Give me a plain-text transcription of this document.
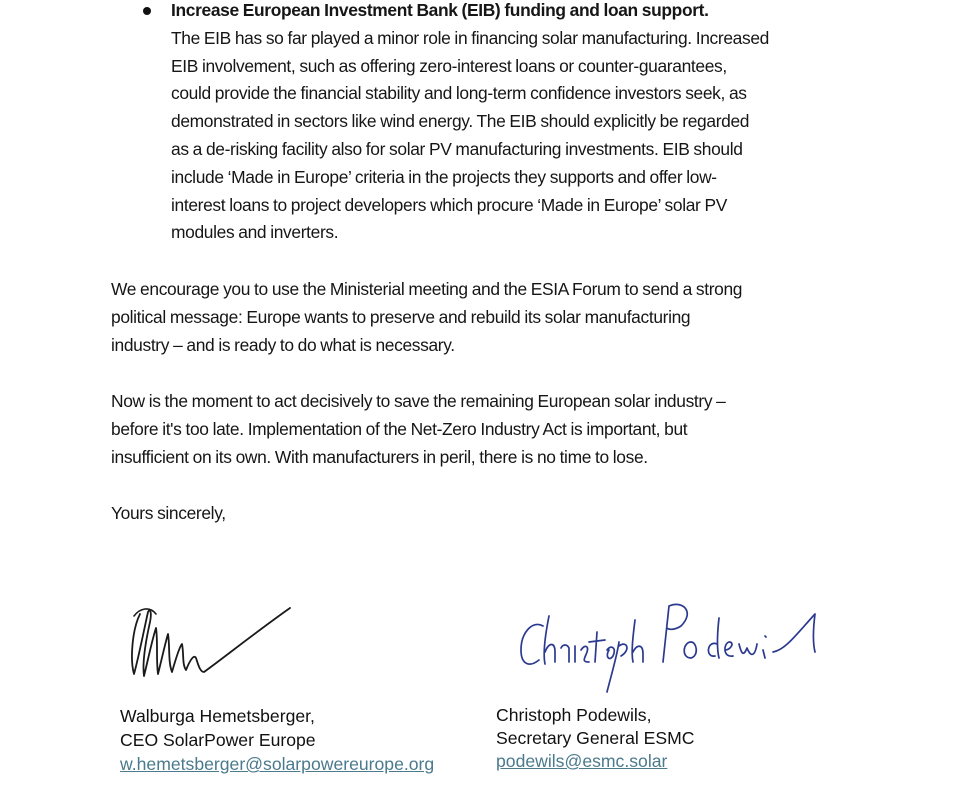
Increase European Investment Bank (EIB) funding and loan support.
The EIB has so far played a minor role in financing solar manufacturing. Increased
EIB involvement, such as offering zero-interest loans or counter-guarantees,
could provide the financial stability and long-term confidence investors seek, as
demonstrated in sectors like wind energy. The EIB should explicitly be regarded
as a de-risking facility also for solar PV manufacturing investments. EIB should
include ‘Made in Europe’ criteria in the projects they supports and offer low-
interest loans to project developers which procure ‘Made in Europe’ solar PV
modules and inverters.
We encourage you to use the Ministerial meeting and the ESIA Forum to send a strong
political message: Europe wants to preserve and rebuild its solar manufacturing
industry – and is ready to do what is necessary.
Now is the moment to act decisively to save the remaining European solar industry –
before it's too late. Implementation of the Net-Zero Industry Act is important, but
insufficient on its own. With manufacturers in peril, there is no time to lose.
Yours sincerely,
Walburga Hemetsberger,
CEO SolarPower Europe
w.hemetsberger@solarpowereurope.org
Christoph Podewils,
Secretary General ESMC
podewils@esmc.solar
